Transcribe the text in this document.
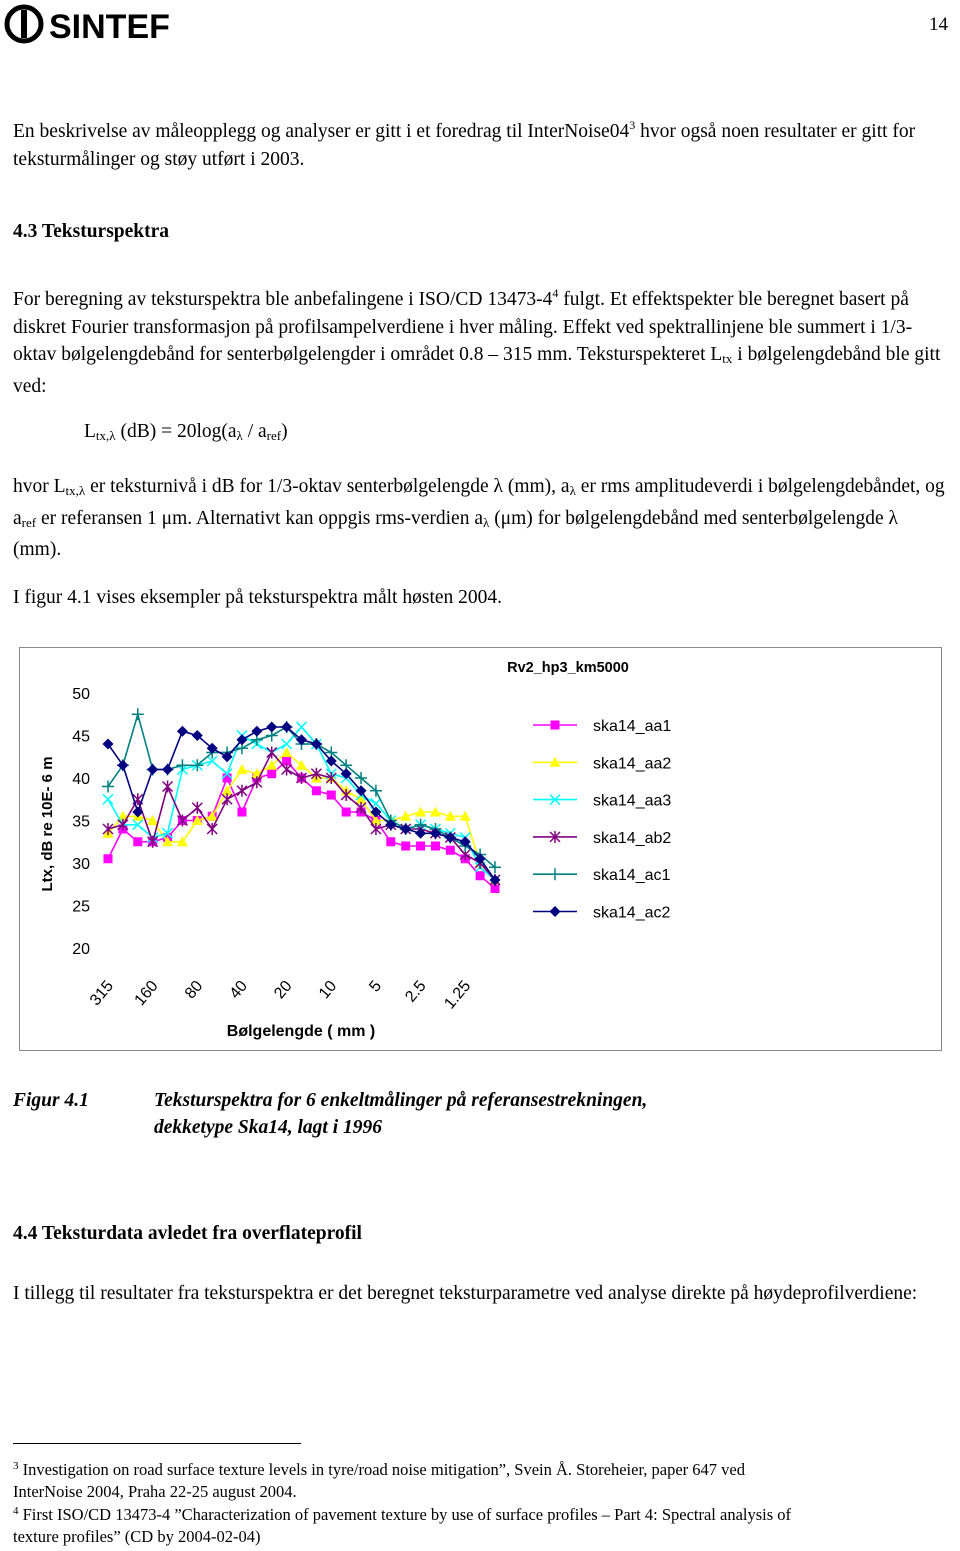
SINTEF	14
En beskrivelse av måleopplegg og analyser er gitt i et foredrag til $InterNoise04^3$ hvor også noen resultater er gitt for teksturmålinger og støy utført i 2003.
4.3 Teksturspektra
For beregning av teksturspektra ble anbefalingene i ISO/CD $13473-4^4$ fulgt. Et effektspekter ble beregnet basert på diskret Fourier transformasjon på profilsampelverdiene i hver måling. Effekt ved spektrallinjene ble summert i 1/3-oktav bølgelengdebånd for senterbølgelengder i området 0.8 – 315 mm. Teksturspekteret $L_{tx}$ i bølgelengdebånd ble gitt ved:
$L_{tx,\lambda}$ $(dB) = 20\log(a_\lambda / a_{ref})$
hvor $L_{tx,\lambda}$ er teksturnivå i dB for 1/3-oktav senterbølgelengde λ (mm), $a_\lambda$ er rms amplitudeverdi i bølgelengdebåndet, og $a_{ref}$ er referansen 1 μm. Alternativt kan oppgis rms-verdien $a_\lambda$ (μm) for bølgelengdebånd med senterbølgelengde λ (mm).
I figur 4.1 vises eksempler på teksturspektra målt høsten 2004.
50
45
40
35
30
25
20
Ltx, dB re 10E- 6 m
315 160 80 40 20 10 5 2.5 1.25
Bølgelengde ( mm )
Rv2_hp3_km5000
ska14_aa1
ska14_aa2
ska14_aa3
ska14_ab2
ska14_ac1
ska14_ac2
Figur 4.1	Teksturspektra for 6 enkeltmålinger på referansestrekningen,
dekketype Ska14, lagt i 1996
4.4 Teksturdata avledet fra overflateprofil
I tillegg til resultater fra teksturspektra er det beregnet teksturparametre ved analyse direkte på høydeprofilverdiene:
$^3$ Investigation on road surface texture levels in tyre/road noise mitigation”, Svein Å. Storeheier, paper 647 ved
InterNoise 2004, Praha 22-25 august 2004.
$^4$ First ISO/CD 13473-4 ”Characterization of pavement texture by use of surface profiles – Part 4: Spectral analysis of
texture profiles” (CD by 2004-02-04)
